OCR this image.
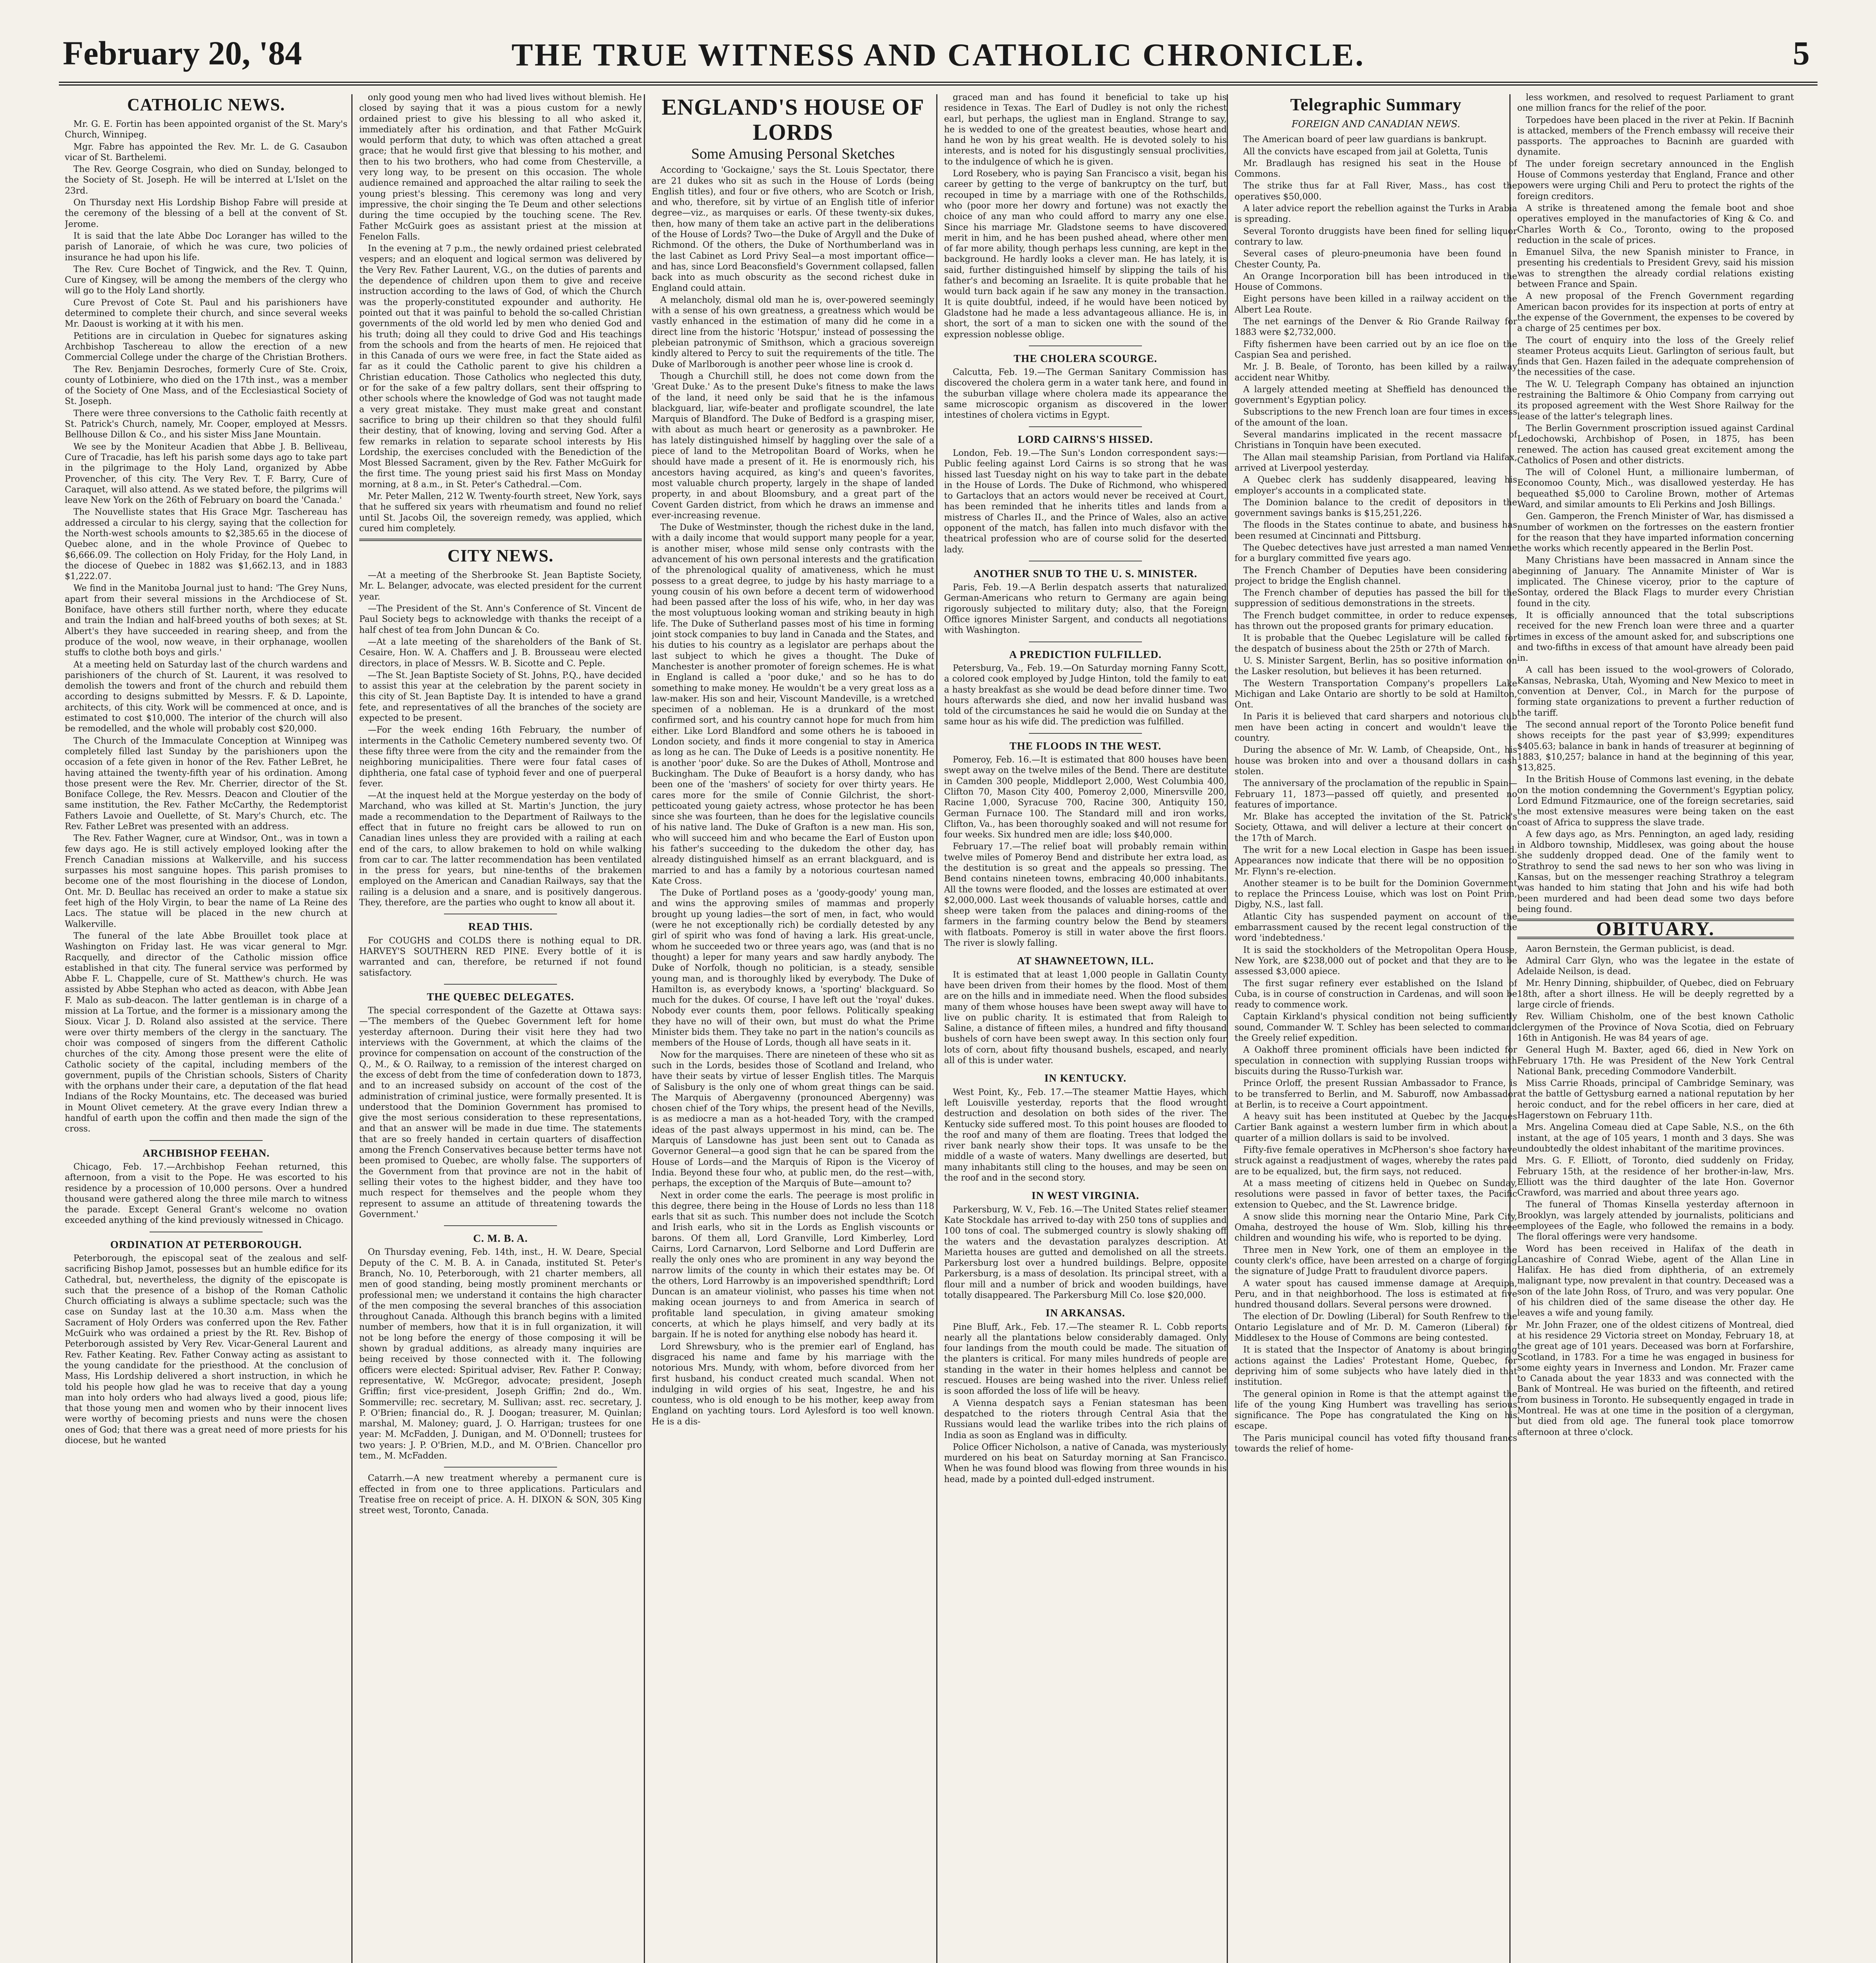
February 20, '84	THE TRUE WITNESS AND CATHOLIC CHRONICLE.	5
CATHOLIC NEWS.

Mr. G. E. Fortin has been appointed organist of the St. Mary's Church, Winnipeg.

Mgr. Fabre has appointed the Rev. Mr. L. de G. Casaubon vicar of St. Barthelemi.

The Rev. George Cosgrain, who died on Sunday, belonged to the Society of St. Joseph. He will be interred at L'Islet on the 23rd.

On Thursday next His Lordship Bishop Fabre will preside at the ceremony of the blessing of a bell at the convent of St. Jerome.

It is said that the late Abbe Doc Loranger has willed to the parish of Lanoraie, of which he was cure, two policies of insurance he had upon his life.

The Rev. Cure Bochet of Tingwick, and the Rev. T. Quinn, Cure of Kingsey, will be among the members of the clergy who will go to the Holy Land shortly.

Cure Prevost of Cote St. Paul and his parishioners have determined to complete their church, and since several weeks Mr. Daoust is working at it with his men.

Petitions are in circulation in Quebec for signatures asking Archbishop Taschereau to allow the erection of a new Commercial College under the charge of the Christian Brothers.

The Rev. Benjamin Desroches, formerly Cure of Ste. Croix, county of Lotbiniere, who died on the 17th inst., was a member of the Society of One Mass, and of the Ecclesiastical Society of St. Joseph.

There were three conversions to the Catholic faith recently at St. Patrick's Church, namely, Mr. Cooper, employed at Messrs. Bellhouse Dillon & Co., and his sister Miss Jane Mountain.

We see by the Moniteur Acadien that Abbe J. B. Belliveau, Cure of Tracadie, has left his parish some days ago to take part in the pilgrimage to the Holy Land, organized by Abbe Provencher, of this city. The Very Rev. T. F. Barry, Cure of Caraquet, will also attend. As we stated before, the pilgrims will leave New York on the 26th of February on board the 'Canada.'

The Nouvelliste states that His Grace Mgr. Taschereau has addressed a circular to his clergy, saying that the collection for the North-west schools amounts to $2,385.65 in the diocese of Quebec alone, and in the whole Province of Quebec to $6,666.09. The collection on Holy Friday, for the Holy Land, in the diocese of Quebec in 1882 was $1,662.13, and in 1883 $1,222.07.

We find in the Manitoba Journal just to hand: 'The Grey Nuns, apart from their several missions in the Archdiocese of St. Boniface, have others still further north, where they educate and train the Indian and half-breed youths of both sexes; at St. Albert's they have succeeded in rearing sheep, and from the produce of the wool, now weave, in their orphanage, woollen stuffs to clothe both boys and girls.'

At a meeting held on Saturday last of the church wardens and parishioners of the church of St. Laurent, it was resolved to demolish the towers and front of the church and rebuild them according to designs submitted by Messrs. F. & D. Lapointe, architects, of this city. Work will be commenced at once, and is estimated to cost $10,000. The interior of the church will also be remodelled, and the whole will probably cost $20,000.

The Church of the Immaculate Conception at Winnipeg was completely filled last Sunday by the parishioners upon the occasion of a fete given in honor of the Rev. Father LeBret, he having attained the twenty-fifth year of his ordination. Among those present were the Rev. Mr. Cherrier, director of the St. Boniface College, the Rev. Messrs. Deacon and Cloutier of the same institution, the Rev. Father McCarthy, the Redemptorist Fathers Lavoie and Ouellette, of St. Mary's Church, etc. The Rev. Father LeBret was presented with an address.

The Rev. Father Wagner, cure at Windsor, Ont., was in town a few days ago. He is still actively employed looking after the French Canadian missions at Walkerville, and his success surpasses his most sanguine hopes. This parish promises to become one of the most flourishing in the diocese of London, Ont. Mr. D. Beullac has received an order to make a statue six feet high of the Holy Virgin, to bear the name of La Reine des Lacs. The statue will be placed in the new church at Walkerville.

The funeral of the late Abbe Brouillet took place at Washington on Friday last. He was vicar general to Mgr. Racquelly, and director of the Catholic mission office established in that city. The funeral service was performed by Abbe F. L. Chappelle, cure of St. Matthew's church. He was assisted by Abbe Stephan who acted as deacon, with Abbe Jean F. Malo as sub-deacon. The latter gentleman is in charge of a mission at La Tortue, and the former is a missionary among the Sioux. Vicar J. D. Roland also assisted at the service. There were over thirty members of the clergy in the sanctuary. The choir was composed of singers from the different Catholic churches of the city. Among those present were the elite of Catholic society of the capital, including members of the government, pupils of the Christian schools, Sisters of Charity with the orphans under their care, a deputation of the flat head Indians of the Rocky Mountains, etc. The deceased was buried in Mount Olivet cemetery. At the grave every Indian threw a handful of earth upon the coffin and then made the sign of the cross.

ARCHBISHOP FEEHAN.

Chicago, Feb. 17.—Archbishop Feehan returned, this afternoon, from a visit to the Pope. He was escorted to his residence by a procession of 10,000 persons. Over a hundred thousand were gathered along the three mile march to witness the parade. Except General Grant's welcome no ovation exceeded anything of the kind previously witnessed in Chicago.

ORDINATION AT PETERBOROUGH.

Peterborough, the episcopal seat of the zealous and self-sacrificing Bishop Jamot, possesses but an humble edifice for its Cathedral, but, nevertheless, the dignity of the episcopate is such that the presence of a bishop of the Roman Catholic Church officiating is always a sublime spectacle; such was the case on Sunday last at the 10.30 a.m. Mass when the Sacrament of Holy Orders was conferred upon the Rev. Father McGuirk who was ordained a priest by the Rt. Rev. Bishop of Peterborough assisted by Very Rev. Vicar-General Laurent and Rev. Father Keating. Rev. Father Conway acting as assistant to the young candidate for the priesthood. At the conclusion of Mass, His Lordship delivered a short instruction, in which he told his people how glad he was to receive that day a young man into holy orders who had always lived a good, pious life; that those young men and women who by their innocent lives were worthy of becoming priests and nuns were the chosen ones of God; that there was a great need of more priests for his diocese, but he wanted

only good young men who had lived lives without blemish. He closed by saying that it was a pious custom for a newly ordained priest to give his blessing to all who asked it, immediately after his ordination, and that Father McGuirk would perform that duty, to which was often attached a great grace; that he would first give that blessing to his mother, and then to his two brothers, who had come from Chesterville, a very long way, to be present on this occasion. The whole audience remained and approached the altar railing to seek the young priest's blessing. This ceremony was long and very impressive, the choir singing the Te Deum and other selections during the time occupied by the touching scene. The Rev. Father McGuirk goes as assistant priest at the mission at Fenelon Falls.

In the evening at 7 p.m., the newly ordained priest celebrated vespers; and an eloquent and logical sermon was delivered by the Very Rev. Father Laurent, V.G., on the duties of parents and the dependence of children upon them to give and receive instruction according to the laws of God, of which the Church was the properly-constituted expounder and authority. He pointed out that it was painful to behold the so-called Christian governments of the old world led by men who denied God and his truth; doing all they could to drive God and His teachings from the schools and from the hearts of men. He rejoiced that in this Canada of ours we were free, in fact the State aided as far as it could the Catholic parent to give his children a Christian education. Those Catholics who neglected this duty, or for the sake of a few paltry dollars, sent their offspring to other schools where the knowledge of God was not taught made a very great mistake. They must make great and constant sacrifice to bring up their children so that they should fulfil their destiny, that of knowing, loving and serving God. After a few remarks in relation to separate school interests by His Lordship, the exercises concluded with the Benediction of the Most Blessed Sacrament, given by the Rev. Father McGuirk for the first time. The young priest said his first Mass on Monday morning, at 8 a.m., in St. Peter's Cathedral.—Com.

Mr. Peter Mallen, 212 W. Twenty-fourth street, New York, says that he suffered six years with rheumatism and found no relief until St. Jacobs Oil, the sovereign remedy, was applied, which cured him completely.

CITY NEWS.

—At a meeting of the Sherbrooke St. Jean Baptiste Society, Mr. L. Belanger, advocate, was elected president for the current year.

—The President of the St. Ann's Conference of St. Vincent de Paul Society begs to acknowledge with thanks the receipt of a half chest of tea from John Duncan & Co.

—At a late meeting of the shareholders of the Bank of St. Cesaire, Hon. W. A. Chaffers and J. B. Brousseau were elected directors, in place of Messrs. W. B. Sicotte and C. Peple.

—The St. Jean Baptiste Society of St. Johns, P.Q., have decided to assist this year at the celebration by the parent society in this city of St. Jean Baptiste Day. It is intended to have a grand fete, and representatives of all the branches of the society are expected to be present.

—For the week ending 16th February, the number of interments in the Catholic Cemetery numbered seventy two. Of these fifty three were from the city and the remainder from the neighboring municipalities. There were four fatal cases of diphtheria, one fatal case of typhoid fever and one of puerperal fever.

—At the inquest held at the Morgue yesterday on the body of Marchand, who was killed at St. Martin's Junction, the jury made a recommendation to the Department of Railways to the effect that in future no freight cars be allowed to run on Canadian lines unless they are provided with a railing at each end of the cars, to allow brakemen to hold on while walking from car to car. The latter recommendation has been ventilated in the press for years, but nine-tenths of the brakemen employed on the American and Canadian Railways, say that the railing is a delusion and a snare, and is positively dangerous. They, therefore, are the parties who ought to know all about it.

READ THIS.

For COUGHS and COLDS there is nothing equal to DR. HARVEY'S SOUTHERN RED PINE. Every bottle of it is warranted and can, therefore, be returned if not found satisfactory.

THE QUEBEC DELEGATES.

The special correspondent of the Gazette at Ottawa says:—'The members of the Quebec Government left for home yesterday afternoon. During their visit here they had two interviews with the Government, at which the claims of the province for compensation on account of the construction of the Q., M., & O. Railway, to a remission of the interest charged on the excess of debt from the time of confederation down to 1873, and to an increased subsidy on account of the cost of the administration of criminal justice, were formally presented. It is understood that the Dominion Government has promised to give the most serious consideration to these representations, and that an answer will be made in due time. The statements that are so freely handed in certain quarters of disaffection among the French Conservatives because better terms have not been promised to Quebec, are wholly false. The supporters of the Government from that province are not in the habit of selling their votes to the highest bidder, and they have too much respect for themselves and the people whom they represent to assume an attitude of threatening towards the Government.'

C. M. B. A.

On Thursday evening, Feb. 14th, inst., H. W. Deare, Special Deputy of the C. M. B. A. in Canada, instituted St. Peter's Branch, No. 10, Peterborough, with 21 charter members, all men of good standing, being mostly prominent merchants or professional men; we understand it contains the high character of the men composing the several branches of this association throughout Canada. Although this branch begins with a limited number of members, how that it is in full organization, it will not be long before the energy of those composing it will be shown by gradual additions, as already many inquiries are being received by those connected with it. The following officers were elected: Spiritual adviser, Rev. Father P. Conway; representative, W. McGregor, advocate; president, Joseph Griffin; first vice-president, Joseph Griffin; 2nd do., Wm. Sommerville; rec. secretary, M. Sullivan; asst. rec. secretary, J. P. O'Brien; financial do., R. J. Doogan; treasurer, M. Quinlan; marshal, M. Maloney; guard, J. O. Harrigan; trustees for one year: M. McFadden, J. Dunigan, and M. O'Donnell; trustees for two years: J. P. O'Brien, M.D., and M. O'Brien. Chancellor pro tem., M. McFadden.

Catarrh.—A new treatment whereby a permanent cure is effected in from one to three applications. Particulars and Treatise free on receipt of price. A. H. DIXON & SON, 305 King street west, Toronto, Canada.

ENGLAND'S HOUSE OF LORDS
Some Amusing Personal Sketches

According to 'Gockaigne,' says the St. Louis Spectator, there are 21 dukes who sit as such in the House of Lords (being English titles), and four or five others, who are Scotch or Irish, and who, therefore, sit by virtue of an English title of inferior degree—viz., as marquises or earls. Of these twenty-six dukes, then, how many of them take an active part in the deliberations of the House of Lords? Two—the Duke of Argyll and the Duke of Richmond. Of the others, the Duke of Northumberland was in the last Cabinet as Lord Privy Seal—a most important office—and has, since Lord Beaconsfield's Government collapsed, fallen back into as much obscurity as the second richest duke in England could attain.

A melancholy, dismal old man he is, over-powered seemingly with a sense of his own greatness, a greatness which would be vastly enhanced in the estimation of many did he come in a direct line from the historic 'Hotspur,' instead of possessing the plebeian patronymic of Smithson, which a gracious sovereign kindly altered to Percy to suit the requirements of the title. The Duke of Marlborough is another peer whose line is crook d.

Though a Churchill still, he does not come down from the 'Great Duke.' As to the present Duke's fitness to make the laws of the land, it need only be said that he is the infamous blackguard, liar, wife-beater and profligate scoundrel, the late Marquis of Blandford. The Duke of Bedford is a grasping miser, with about as much heart or generosity as a pawnbroker. He has lately distinguished himself by haggling over the sale of a piece of land to the Metropolitan Board of Works, when he should have made a present of it. He is enormously rich, his ancestors having acquired, as king's and queen's favorites, most valuable church property, largely in the shape of landed property, in and about Bloomsbury, and a great part of the Covent Garden district, from which he draws an immense and ever-increasing revenue.

The Duke of Westminster, though the richest duke in the land, with a daily income that would support many people for a year, is another miser, whose mild sense only contrasts with the advancement of his own personal interests and the gratification of the phrenological quality of amativeness, which he must possess to a great degree, to judge by his hasty marriage to a young cousin of his own before a decent term of widowerhood had been passed after the loss of his wife, who, in her day was the most voluptuous looking woman and striking beauty in high life. The Duke of Sutherland passes most of his time in forming joint stock companies to buy land in Canada and the States, and his duties to his country as a legislator are perhaps about the last subject to which he gives a thought. The Duke of Manchester is another promoter of foreign schemes. He is what in England is called a 'poor duke,' and so he has to do something to make money. He wouldn't be a very great loss as a law-maker. His son and heir, Viscount Mandeville, is a wretched specimen of a nobleman. He is a drunkard of the most confirmed sort, and his country cannot hope for much from him either. Like Lord Blandford and some others he is tabooed in London society, and finds it more congenial to stay in America as long as he can. The Duke of Leeds is a positive nonentity. He is another 'poor' duke. So are the Dukes of Atholl, Montrose and Buckingham. The Duke of Beaufort is a horsy dandy, who has been one of the 'mashers' of society for over thirty years. He cares more for the smile of Connie Gilchrist, the short-petticoated young gaiety actress, whose protector he has been since she was fourteen, than he does for the legislative councils of his native land. The Duke of Grafton is a new man. His son, who will succeed him and who became the Earl of Euston upon his father's succeeding to the dukedom the other day, has already distinguished himself as an errant blackguard, and is married to and has a family by a notorious courtesan named Kate Cross.

The Duke of Portland poses as a 'goody-goody' young man, and wins the approving smiles of mammas and properly brought up young ladies—the sort of men, in fact, who would (were he not exceptionally rich) be cordially detested by any girl of spirit who was fond of having a lark. His great-uncle, whom he succeeded two or three years ago, was (and that is no thought) a leper for many years and saw hardly anybody. The Duke of Norfolk, though no politician, is a steady, sensible young man, and is thoroughly liked by everybody. The Duke of Hamilton is, as everybody knows, a 'sporting' blackguard. So much for the dukes. Of course, I have left out the 'royal' dukes. Nobody ever counts them, poor fellows. Politically speaking they have no will of their own, but must do what the Prime Minister bids them. They take no part in the nation's councils as members of the House of Lords, though all have seats in it.

Now for the marquises. There are nineteen of these who sit as such in the Lords, besides those of Scotland and Ireland, who have their seats by virtue of lesser English titles. The Marquis of Salisbury is the only one of whom great things can be said. The Marquis of Abergavenny (pronounced Abergenny) was chosen chief of the Tory whips, the present head of the Nevills, is as mediocre a man as a hot-headed Tory, with the cramped ideas of the past always uppermost in his mind, can be. The Marquis of Lansdowne has just been sent out to Canada as Governor General—a good sign that he can be spared from the House of Lords—and the Marquis of Ripon is the Viceroy of India. Beyond these four who, at public men, do the rest—with, perhaps, the exception of the Marquis of Bute—amount to?

Next in order come the earls. The peerage is most prolific in this degree, there being in the House of Lords no less than 118 earls that sit as such. This number does not include the Scotch and Irish earls, who sit in the Lords as English viscounts or barons. Of them all, Lord Granville, Lord Kimberley, Lord Cairns, Lord Carnarvon, Lord Selborne and Lord Dufferin are really the only ones who are prominent in any way beyond the narrow limits of the county in which their estates may be. Of the others, Lord Harrowby is an impoverished spendthrift; Lord Duncan is an amateur violinist, who passes his time when not making ocean journeys to and from America in search of profitable land speculation, in giving amateur smoking concerts, at which he plays himself, and very badly at its bargain. If he is noted for anything else nobody has heard it.

Lord Shrewsbury, who is the premier earl of England, has disgraced his name and fame by his marriage with the notorious Mrs. Mundy, with whom, before divorced from her first husband, his conduct created much scandal. When not indulging in wild orgies of his seat, Ingestre, he and his countess, who is old enough to be his mother, keep away from England on yachting tours. Lord Aylesford is too well known. He is a dis-

graced man and has found it beneficial to take up his residence in Texas. The Earl of Dudley is not only the richest earl, but perhaps, the ugliest man in England. Strange to say, he is wedded to one of the greatest beauties, whose heart and hand he won by his great wealth. He is devoted solely to his interests, and is noted for his disgustingly sensual proclivities, to the indulgence of which he is given.

Lord Rosebery, who is paying San Francisco a visit, began his career by getting to the verge of bankruptcy on the turf, but recouped in time by a marriage with one of the Rothschilds, who (poor more her dowry and fortune) was not exactly the choice of any man who could afford to marry any one else. Since his marriage Mr. Gladstone seems to have discovered merit in him, and he has been pushed ahead, where other men of far more ability, though perhaps less cunning, are kept in the background. He hardly looks a clever man. He has lately, it is said, further distinguished himself by slipping the tails of his father's and becoming an Israelite. It is quite probable that he would turn back again if he saw any money in the transaction. It is quite doubtful, indeed, if he would have been noticed by Gladstone had he made a less advantageous alliance. He is, in short, the sort of a man to sicken one with the sound of the expression noblesse oblige.

THE CHOLERA SCOURGE.

Calcutta, Feb. 19.—The German Sanitary Commission has discovered the cholera germ in a water tank here, and found in the suburban village where cholera made its appearance the same microscopic organism as discovered in the lower intestines of cholera victims in Egypt.

LORD CAIRNS'S HISSED.

London, Feb. 19.—The Sun's London correspondent says:—Public feeling against Lord Cairns is so strong that he was hissed last Tuesday night on his way to take part in the debate in the House of Lords. The Duke of Richmond, who whispered to Gartacloys that an actors would never be received at Court, has been reminded that he inherits titles and lands from a mistress of Charles II., and the Prince of Wales, also an active opponent of the match, has fallen into much disfavor with the theatrical profession who are of course solid for the deserted lady.

ANOTHER SNUB TO THE U. S. MINISTER.

Paris, Feb. 19.—A Berlin despatch asserts that naturalized German-Americans who return to Germany are again being rigorously subjected to military duty; also, that the Foreign Office ignores Minister Sargent, and conducts all negotiations with Washington.

A PREDICTION FULFILLED.

Petersburg, Va., Feb. 19.—On Saturday morning Fanny Scott, a colored cook employed by Judge Hinton, told the family to eat a hasty breakfast as she would be dead before dinner time. Two hours afterwards she died, and now her invalid husband was told of the circumstances he said he would die on Sunday at the same hour as his wife did. The prediction was fulfilled.

THE FLOODS IN THE WEST.

Pomeroy, Feb. 16.—It is estimated that 800 houses have been swept away on the twelve miles of the Bend. There are destitute in Camden 300 people, Middleport 2,000, West Columbia 400, Clifton 70, Mason City 400, Pomeroy 2,000, Minersville 200, Racine 1,000, Syracuse 700, Racine 300, Antiquity 150, German Furnace 100. The Standard mill and iron works, Clifton, Va., has been thoroughly soaked and will not resume for four weeks. Six hundred men are idle; loss $40,000.

February 17.—The relief boat will probably remain within twelve miles of Pomeroy Bend and distribute her extra load, as the destitution is so great and the appeals so pressing. The Bend contains nineteen towns, embracing 40,000 inhabitants. All the towns were flooded, and the losses are estimated at over $2,000,000. Last week thousands of valuable horses, cattle and sheep were taken from the palaces and dining-rooms of the farmers in the farming country below the Bend by steamers with flatboats. Pomeroy is still in water above the first floors. The river is slowly falling.

AT SHAWNEETOWN, ILL.

It is estimated that at least 1,000 people in Gallatin County have been driven from their homes by the flood. Most of them are on the hills and in immediate need. When the flood subsides many of them whose houses have been swept away will have to live on public charity. It is estimated that from Raleigh to Saline, a distance of fifteen miles, a hundred and fifty thousand bushels of corn have been swept away. In this section only four lots of corn, about fifty thousand bushels, escaped, and nearly all of this is under water.

IN KENTUCKY.

West Point, Ky., Feb. 17.—The steamer Mattie Hayes, which left Louisville yesterday, reports that the flood wrought destruction and desolation on both sides of the river. The Kentucky side suffered most. To this point houses are flooded to the roof and many of them are floating. Trees that lodged the river bank nearly show their tops. It was unsafe to be the middle of a waste of waters. Many dwellings are deserted, but many inhabitants still cling to the houses, and may be seen on the roof and in the second story.

IN WEST VIRGINIA.

Parkersburg, W. V., Feb. 16.—The United States relief steamer Kate Stockdale has arrived to-day with 250 tons of supplies and 100 tons of coal. The submerged country is slowly shaking off the waters and the devastation paralyzes description. At Marietta houses are gutted and demolished on all the streets. Parkersburg lost over a hundred buildings. Belpre, opposite Parkersburg, is a mass of desolation. Its principal street, with a flour mill and a number of brick and wooden buildings, have totally disappeared. The Parkersburg Mill Co. lose $20,000.

IN ARKANSAS.

Pine Bluff, Ark., Feb. 17.—The steamer R. L. Cobb reports nearly all the plantations below considerably damaged. Only four landings from the mouth could be made. The situation of the planters is critical. For many miles hundreds of people are standing in the water in their homes helpless and cannot be rescued. Houses are being washed into the river. Unless relief is soon afforded the loss of life will be heavy.

A Vienna despatch says a Fenian statesman has been despatched to the rioters through Central Asia that the Russians would lead the warlike tribes into the rich plains of India as soon as England was in difficulty.

Police Officer Nicholson, a native of Canada, was mysteriously murdered on his beat on Saturday morning at San Francisco. When he was found blood was flowing from three wounds in his head, made by a pointed dull-edged instrument.

Telegraphic Summary
FOREIGN AND CANADIAN NEWS.

The American board of peer law guardians is bankrupt.

All the convicts have escaped from jail at Goletta, Tunis

Mr. Bradlaugh has resigned his seat in the House of Commons.

The strike thus far at Fall River, Mass., has cost the operatives $50,000.

A later advice report the rebellion against the Turks in Arabia is spreading.

Several Toronto druggists have been fined for selling liquor contrary to law.

Several cases of pleuro-pneumonia have been found in Chester County, Pa.

An Orange Incorporation bill has been introduced in the House of Commons.

Eight persons have been killed in a railway accident on the Albert Lea Route.

The net earnings of the Denver & Rio Grande Railway for 1883 were $2,732,000.

Fifty fishermen have been carried out by an ice floe on the Caspian Sea and perished.

Mr. J. B. Beale, of Toronto, has been killed by a railway accident near Whitby.

A largely attended meeting at Sheffield has denounced the government's Egyptian policy.

Subscriptions to the new French loan are four times in excess of the amount of the loan.

Several mandarins implicated in the recent massacre of Christians in Tonquin have been executed.

The Allan mail steamship Parisian, from Portland via Halifax, arrived at Liverpool yesterday.

A Quebec clerk has suddenly disappeared, leaving his employer's accounts in a complicated state.

The Dominion balance to the credit of depositors in the government savings banks is $15,251,226.

The floods in the States continue to abate, and business has been resumed at Cincinnati and Pittsburg.

The Quebec detectives have just arrested a man named Venne for a burglary committed five years ago.

The French Chamber of Deputies have been considering a project to bridge the English channel.

The French chamber of deputies has passed the bill for the suppression of seditious demonstrations in the streets.

The French budget committee, in order to reduce expenses, has thrown out the proposed grants for primary education.

It is probable that the Quebec Legislature will be called for the despatch of business about the 25th or 27th of March.

U. S. Minister Sargent, Berlin, has so positive information on the Lasker resolution, but believes it has been returned.

The Western Transportation Company's propellers Lake Michigan and Lake Ontario are shortly to be sold at Hamilton, Ont.

In Paris it is believed that card sharpers and notorious club men have been acting in concert and wouldn't leave the country.

During the absence of Mr. W. Lamb, of Cheapside, Ont., his house was broken into and over a thousand dollars in cash stolen.

The anniversary of the proclamation of the republic in Spain—February 11, 1873—passed off quietly, and presented no features of importance.

Mr. Blake has accepted the invitation of the St. Patrick's Society, Ottawa, and will deliver a lecture at their concert on the 17th of March.

The writ for a new Local election in Gaspe has been issued. Appearances now indicate that there will be no opposition to Mr. Flynn's re-election.

Another steamer is to be built for the Dominion Government to replace the Princess Louise, which was lost on Point Prim, Digby, N.S., last fall.

Atlantic City has suspended payment on account of the embarrassment caused by the recent legal construction of the word 'indebtedness.'

It is said the stockholders of the Metropolitan Opera House, New York, are $238,000 out of pocket and that they are to be assessed $3,000 apiece.

The first sugar refinery ever established on the Island of Cuba, is in course of construction in Cardenas, and will soon be ready to commence work.

Captain Kirkland's physical condition not being sufficiently sound, Commander W. T. Schley has been selected to command the Greely relief expedition.

A Oakhoff three prominent officials have been indicted for speculation in connection with supplying Russian troops with biscuits during the Russo-Turkish war.

Prince Orloff, the present Russian Ambassador to France, is to be transferred to Berlin, and M. Saburoff, now Ambassador at Berlin, is to receive a Court appointment.

A heavy suit has been instituted at Quebec by the Jacques Cartier Bank against a western lumber firm in which about a quarter of a million dollars is said to be involved.

Fifty-five female operatives in McPherson's shoe factory have struck against a readjustment of wages, whereby the rates paid are to be equalized, but, the firm says, not reduced.

At a mass meeting of citizens held in Quebec on Sunday, resolutions were passed in favor of better taxes, the Pacific extension to Quebec, and the St. Lawrence bridge.

A snow slide this morning near the Ontario Mine, Park City, Omaha, destroyed the house of Wm. Slob, killing his three children and wounding his wife, who is reported to be dying.

Three men in New York, one of them an employee in the county clerk's office, have been arrested on a charge of forging the signature of Judge Pratt to fraudulent divorce papers.

A water spout has caused immense damage at Arequipa, Peru, and in that neighborhood. The loss is estimated at five hundred thousand dollars. Several persons were drowned.

The election of Dr. Dowling (Liberal) for South Renfrew to the Ontario Legislature and of Mr. D. M. Cameron (Liberal) for Middlesex to the House of Commons are being contested.

It is stated that the Inspector of Anatomy is about bringing actions against the Ladies' Protestant Home, Quebec, for depriving him of some subjects who have lately died in that institution.

The general opinion in Rome is that the attempt against the life of the young King Humbert was travelling has serious significance. The Pope has congratulated the King on his escape.

The Paris municipal council has voted fifty thousand francs towards the relief of home-

less workmen, and resolved to request Parliament to grant one million francs for the relief of the poor.

Torpedoes have been placed in the river at Pekin. If Bacninh is attacked, members of the French embassy will receive their passports. The approaches to Bacninh are guarded with dynamite.

The under foreign secretary announced in the English House of Commons yesterday that England, France and other powers were urging Chili and Peru to protect the rights of the foreign creditors.

A strike is threatened among the female boot and shoe operatives employed in the manufactories of King & Co. and Charles Worth & Co., Toronto, owing to the proposed reduction in the scale of prices.

Emanuel Silva, the new Spanish minister to France, in presenting his credentials to President Grevy, said his mission was to strengthen the already cordial relations existing between France and Spain.

A new proposal of the French Government regarding American bacon provides for its inspection at ports of entry at the expense of the Government, the expenses to be covered by a charge of 25 centimes per box.

The court of enquiry into the loss of the Greely relief steamer Proteus acquits Lieut. Garlington of serious fault, but finds that Gen. Hazen failed in the adequate comprehension of the necessities of the case.

The W. U. Telegraph Company has obtained an injunction restraining the Baltimore & Ohio Company from carrying out its proposed agreement with the West Shore Railway for the lease of the latter's telegraph lines.

The Berlin Government proscription issued against Cardinal Ledochowski, Archbishop of Posen, in 1875, has been renewed. The action has caused great excitement among the Catholics of Posen and other districts.

The will of Colonel Hunt, a millionaire lumberman, of Economoo County, Mich., was disallowed yesterday. He has bequeathed $5,000 to Caroline Brown, mother of Artemas Ward, and similar amounts to Eli Perkins and Josh Billings.

Gen. Gamperon, the French Minister of War, has dismissed a number of workmen on the fortresses on the eastern frontier for the reason that they have imparted information concerning the works which recently appeared in the Berlin Post.

Many Christians have been massacred in Annam since the beginning of January. The Annamite Minister of War is implicated. The Chinese viceroy, prior to the capture of Sontay, ordered the Black Flags to murder every Christian found in the city.

It is officially announced that the total subscriptions received for the new French loan were three and a quarter times in excess of the amount asked for, and subscriptions one and two-fifths in excess of that amount have already been paid in.

A call has been issued to the wool-growers of Colorado, Kansas, Nebraska, Utah, Wyoming and New Mexico to meet in convention at Denver, Col., in March for the purpose of forming state organizations to prevent a further reduction of the tariff.

The second annual report of the Toronto Police benefit fund shows receipts for the past year of $3,999; expenditures $405.63; balance in bank in hands of treasurer at beginning of 1883, $10,257; balance in hand at the beginning of this year, $13,825.

In the British House of Commons last evening, in the debate on the motion condemning the Government's Egyptian policy, Lord Edmund Fitzmaurice, one of the foreign secretaries, said the most extensive measures were being taken on the east coast of Africa to suppress the slave trade.

A few days ago, as Mrs. Pennington, an aged lady, residing in Aldboro township, Middlesex, was going about the house she suddenly dropped dead. One of the family went to Strathroy to send the sad news to her son who was living in Kansas, but on the messenger reaching Strathroy a telegram was handed to him stating that John and his wife had both been murdered and had been dead some two days before being found.

OBITUARY.

Aaron Bernstein, the German publicist, is dead.

Admiral Carr Glyn, who was the legatee in the estate of Adelaide Neilson, is dead.

Mr. Henry Dinning, shipbuilder, of Quebec, died on February 18th, after a short illness. He will be deeply regretted by a large circle of friends.

Rev. William Chisholm, one of the best known Catholic clergymen of the Province of Nova Scotia, died on February 16th in Antigonish. He was 84 years of age.

General Hugh M. Baxter, aged 66, died in New York on February 17th. He was President of the New York Central National Bank, preceding Commodore Vanderbilt.

Miss Carrie Rhoads, principal of Cambridge Seminary, was at the battle of Gettysburg earned a national reputation by her heroic conduct, and for the rebel officers in her care, died at Hagerstown on February 11th.

Mrs. Angelina Comeau died at Cape Sable, N.S., on the 6th instant, at the age of 105 years, 1 month and 3 days. She was undoubtedly the oldest inhabitant of the maritime provinces.

Mrs. G. F. Elliott, of Toronto, died suddenly on Friday, February 15th, at the residence of her brother-in-law, Mrs. Elliott was the third daughter of the late Hon. Governor Crawford, was married and about three years ago.

The funeral of Thomas Kinsella yesterday afternoon in Brooklyn, was largely attended by journalists, politicians and employees of the Eagle, who followed the remains in a body. The floral offerings were very handsome.

Word has been received in Halifax of the death in Lancashire of Conrad Wiebe, agent of the Allan Line in Halifax. He has died from diphtheria, of an extremely malignant type, now prevalent in that country. Deceased was a son of the late John Ross, of Truro, and was very popular. One of his children died of the same disease the other day. He leaves a wife and young family.

Mr. John Frazer, one of the oldest citizens of Montreal, died at his residence 29 Victoria street on Monday, February 18, at the great age of 101 years. Deceased was born at Forfarshire, Scotland, in 1783. For a time he was engaged in business for some eighty years in Inverness and London. Mr. Frazer came to Canada about the year 1833 and was connected with the Bank of Montreal. He was buried on the fifteenth, and retired from business in Toronto. He subsequently engaged in trade in Montreal. He was at one time in the position of a clergyman, but died from old age. The funeral took place tomorrow afternoon at three o'clock.
